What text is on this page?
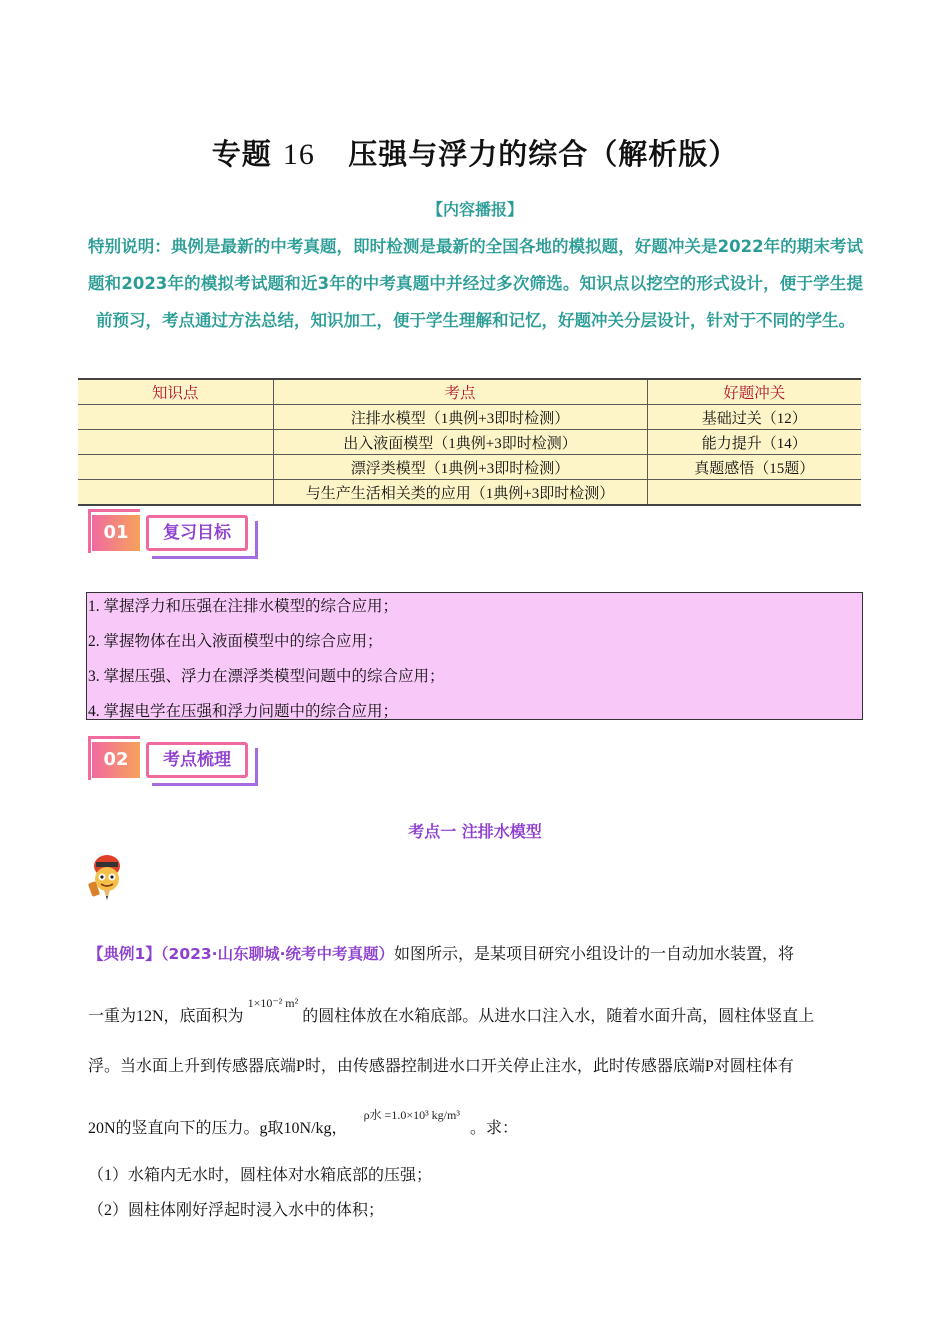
专题 16 压强与浮力的综合（解析版）
【内容播报】
特别说明：典例是最新的中考真题，即时检测是最新的全国各地的模拟题，好题冲关是2022年的期末考试题和2023年的模拟考试题和近3年的中考真题中并经过多次筛选。知识点以挖空的形式设计，便于学生提前预习，考点通过方法总结，知识加工，便于学生理解和记忆，好题冲关分层设计，针对于不同的学生。
知识点	考点	好题冲关
	注排水模型（1典例+3即时检测）	基础过关（12）
	出入液面模型（1典例+3即时检测）	能力提升（14）
	漂浮类模型（1典例+3即时检测）	真题感悟（15题）
	与生产生活相关类的应用（1典例+3即时检测）	
01	复习目标
1. 掌握浮力和压强在注排水模型的综合应用；
2. 掌握物体在出入液面模型中的综合应用；
3. 掌握压强、浮力在漂浮类模型问题中的综合应用；
4. 掌握电学在压强和浮力问题中的综合应用；
02	考点梳理
考点一 注排水模型
【典例1】（2023·山东聊城·统考中考真题）如图所示，是某项目研究小组设计的一自动加水装置，将
一重为12N，底面积为$^{1\times 10^{-2} m^2}$的圆柱体放在水箱底部。从进水口注入水，随着水面升高，圆柱体竖直上
浮。当水面上升到传感器底端P时，由传感器控制进水口开关停止注水，此时传感器底端P对圆柱体有
20N的竖直向下的压力。g取10N/kg，$^{\rho 水 =1.0\times 10^3 kg/m^3}$。求：
（1）水箱内无水时，圆柱体对水箱底部的压强；
（2）圆柱体刚好浮起时浸入水中的体积；
